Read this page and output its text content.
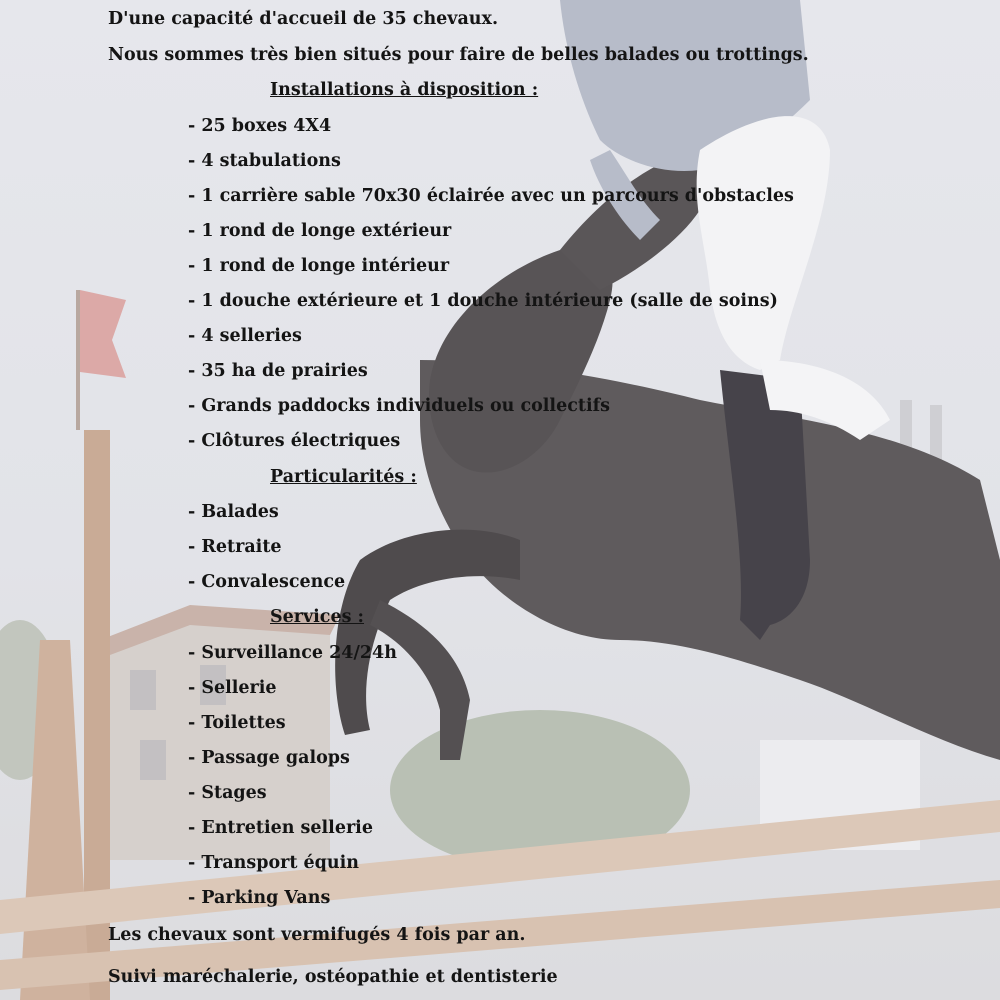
D'une capacité d'accueil de 35 chevaux.
Nous sommes très bien situés pour faire de belles balades ou trottings.
Installations à disposition :
- 25 boxes 4X4
- 4 stabulations
- 1 carrière sable 70x30 éclairée avec un parcours d'obstacles
- 1 rond de longe extérieur
- 1 rond de longe intérieur
- 1 douche extérieure et 1 douche intérieure (salle de soins)
- 4 selleries
- 35 ha de prairies
- Grands paddocks individuels ou collectifs
- Clôtures électriques
Particularités :
- Balades
- Retraite
- Convalescence
Services :
- Surveillance 24/24h
- Sellerie
- Toilettes
- Passage galops
- Stages
- Entretien sellerie
- Transport équin
- Parking Vans
Les chevaux sont vermifugés 4 fois par an.
Suivi maréchalerie, ostéopathie et dentisterie
